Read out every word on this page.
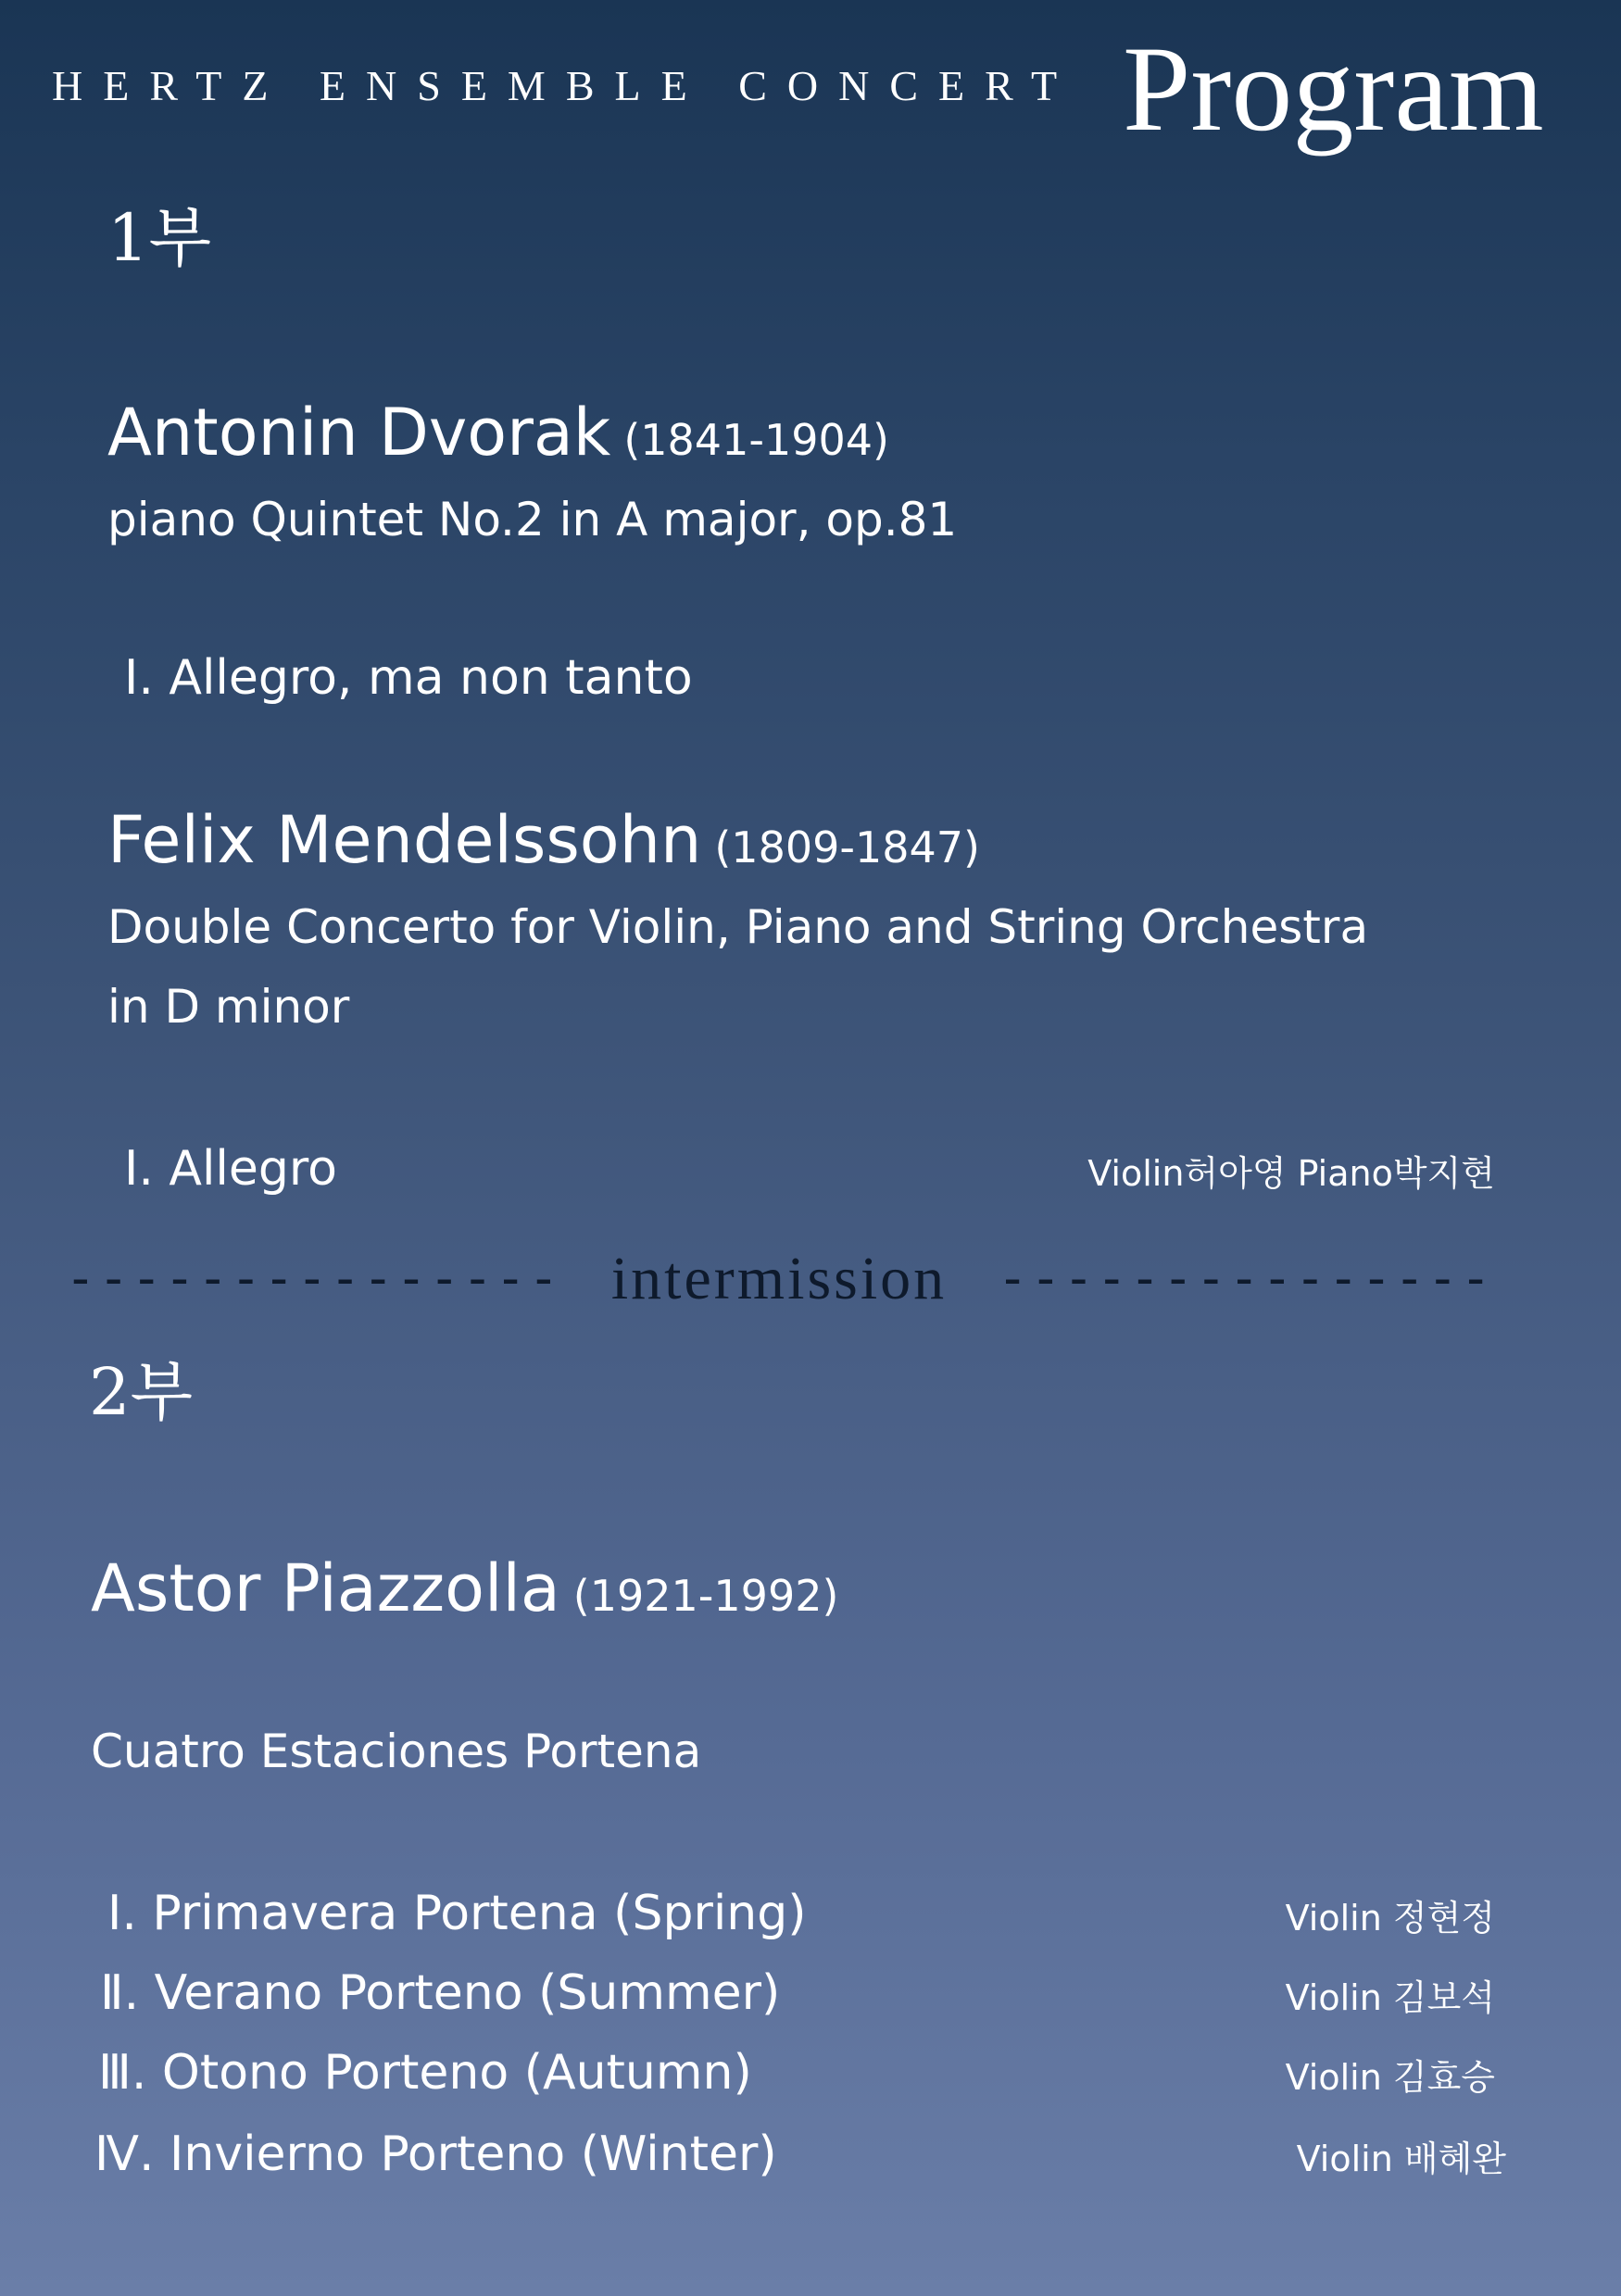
HERTZ ENSEMBLE CONCERT Program
1부
Antonin Dvorak (1841-1904)
piano Quintet No.2 in A major, op.81
Ⅰ. Allegro, ma non tanto
Felix Mendelssohn (1809-1847)
Double Concerto for Violin, Piano and String Orchestra
in D minor
Ⅰ. Allegro	Violin허아영 Piano박지현
--------------- intermission ---------------
2부
Astor Piazzolla (1921-1992)
Cuatro Estaciones Portena
Ⅰ. Primavera Portena (Spring)	Violin 정현정
Ⅱ. Verano Porteno (Summer)	Violin 김보석
Ⅲ. Otono Porteno (Autumn)	Violin 김효승
Ⅳ. Invierno Porteno (Winter)	Violin 배혜완
